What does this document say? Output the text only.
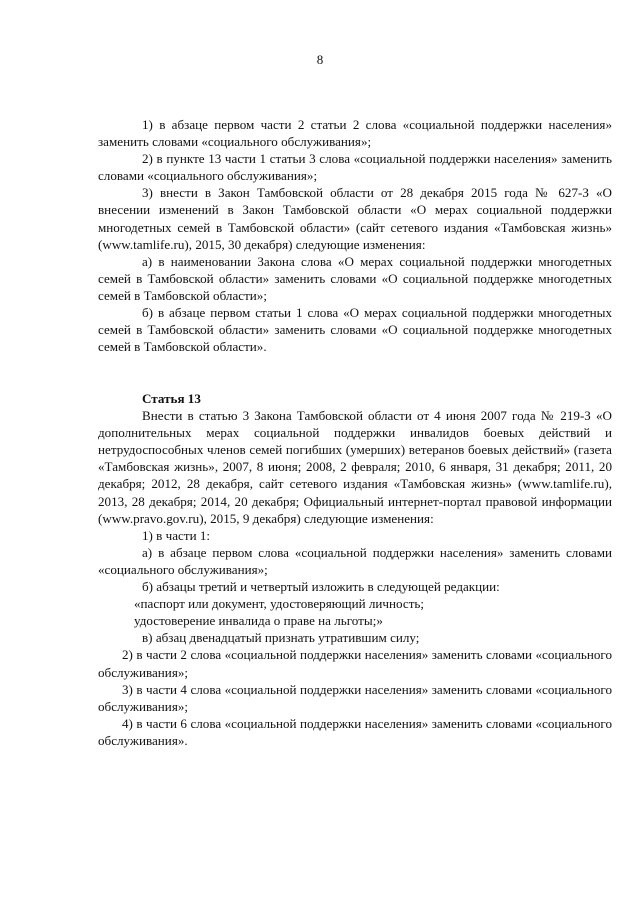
8

1) в абзаце первом части 2 статьи 2 слова «социальной поддержки населения» заменить словами «социального обслуживания»;

2) в пункте 13 части 1 статьи 3 слова «социальной поддержки населения» заменить словами «социального обслуживания»;

3) внести в Закон Тамбовской области от 28 декабря 2015 года № 627-З «О внесении изменений в Закон Тамбовской области «О мерах социальной поддержки многодетных семей в Тамбовской области» (сайт сетевого издания «Тамбовская жизнь» (www.tamlife.ru), 2015, 30 декабря) следующие изменения:

а) в наименовании Закона слова «О мерах социальной поддержки многодетных семей в Тамбовской области» заменить словами «О социальной поддержке многодетных семей в Тамбовской области»;

б) в абзаце первом статьи 1 слова «О мерах социальной поддержки многодетных семей в Тамбовской области» заменить словами «О социальной поддержке многодетных семей в Тамбовской области».

Статья 13

Внести в статью 3 Закона Тамбовской области от 4 июня 2007 года № 219-З «О дополнительных мерах социальной поддержки инвалидов боевых действий и нетрудоспособных членов семей погибших (умерших) ветеранов боевых действий» (газета «Тамбовская жизнь», 2007, 8 июня; 2008, 2 февраля; 2010, 6 января, 31 декабря; 2011, 20 декабря; 2012, 28 декабря, сайт сетевого издания «Тамбовская жизнь» (www.tamlife.ru), 2013, 28 декабря; 2014, 20 декабря; Официальный интернет-портал правовой информации (www.pravo.gov.ru), 2015, 9 декабря) следующие изменения:

1) в части 1:

а) в абзаце первом слова «социальной поддержки населения» заменить словами «социального обслуживания»;

б) абзацы третий и четвертый изложить в следующей редакции:

«паспорт или документ, удостоверяющий личность;

удостоверение инвалида о праве на льготы;»

в) абзац двенадцатый признать утратившим силу;

2) в части 2 слова «социальной поддержки населения» заменить словами «социального обслуживания»;

3) в части 4 слова «социальной поддержки населения» заменить словами «социального обслуживания»;

4) в части 6 слова «социальной поддержки населения» заменить словами «социального обслуживания».
